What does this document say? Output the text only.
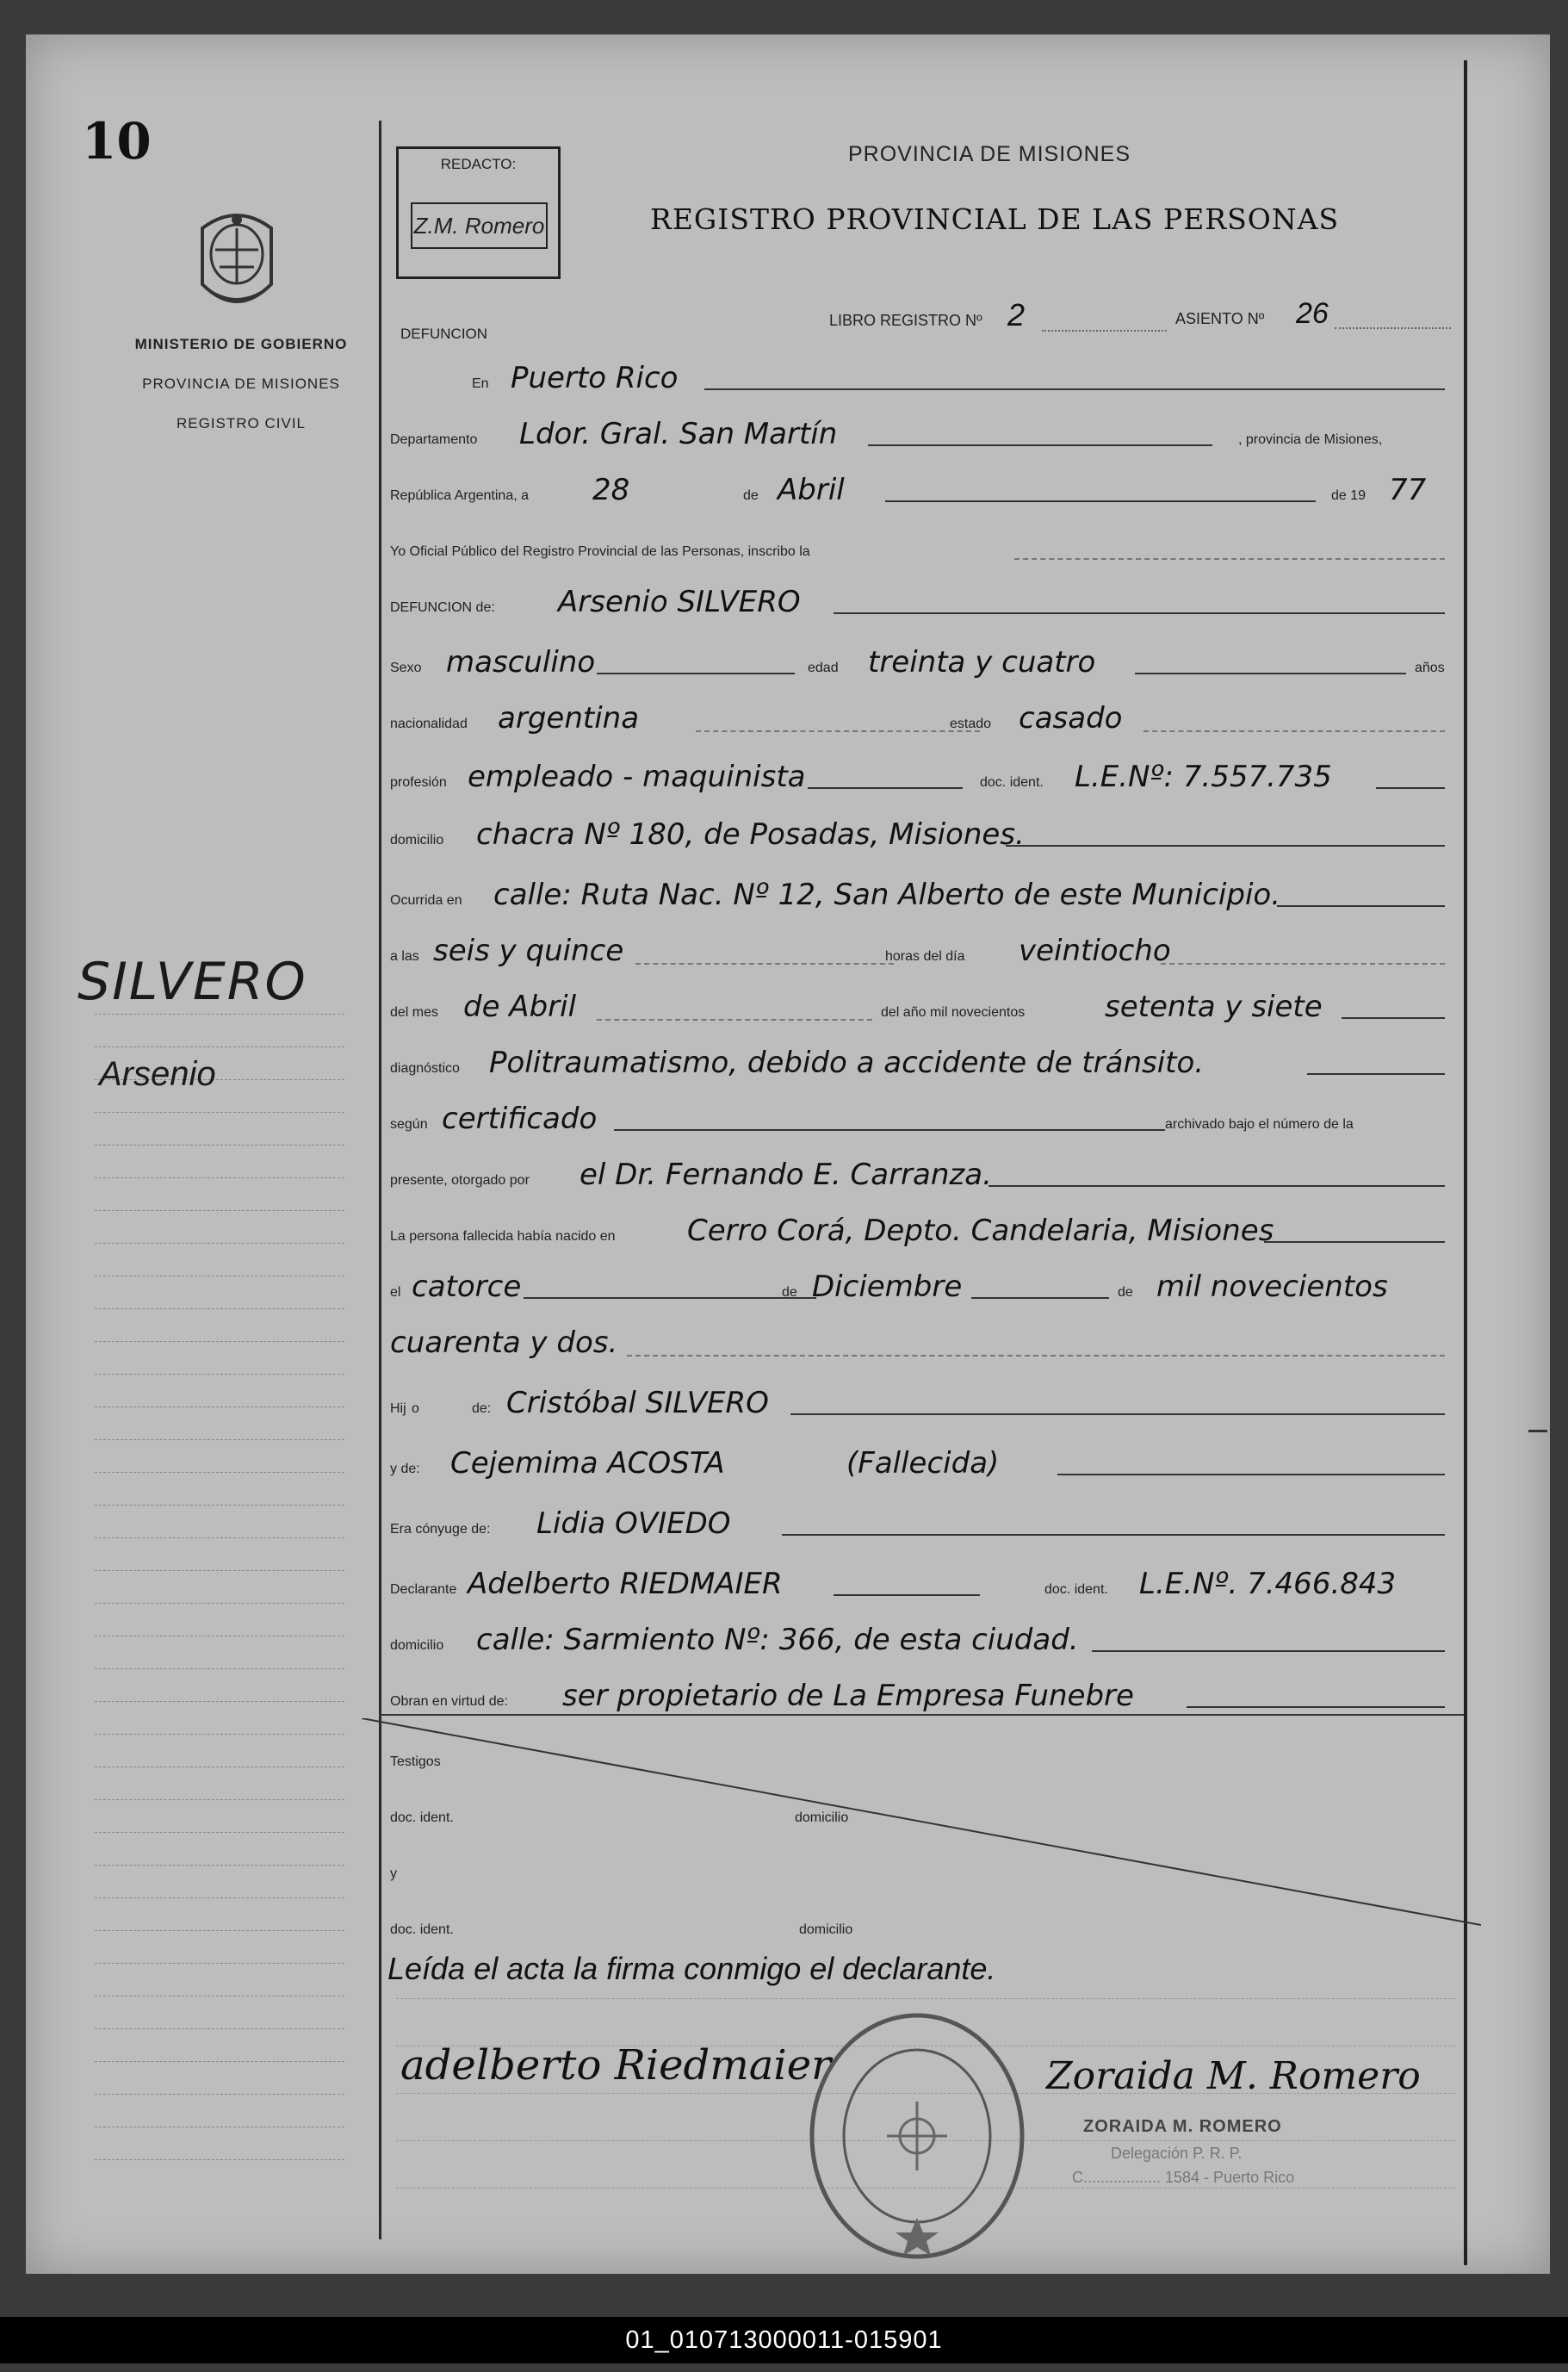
10
MINISTERIO DE GOBIERNO
PROVINCIA DE MISIONES
REGISTRO CIVIL
SILVERO
Arsenio
REDACTO:
Z.M. Romero
PROVINCIA DE MISIONES
REGISTRO PROVINCIAL DE LAS PERSONAS
DEFUNCION
LIBRO REGISTRO Nº 2	ASIENTO Nº 26
En Puerto Rico
Departamento Ldor. Gral. San Martín	, provincia de Misiones,
República Argentina, a 28	de Abril	de 19 77
Yo Oficial Público del Registro Provincial de las Personas, inscribo la
DEFUNCION de: Arsenio SILVERO
Sexo masculino	edad treinta y cuatro	años
nacionalidad argentina	estado casado
profesión empleado - maquinista	doc. ident. L.E.Nº: 7.557.735
domicilio chacra Nº 180, de Posadas, Misiones.
Ocurrida en calle: Ruta Nac. Nº 12, San Alberto de este Municipio.
a las seis y quince	horas del día veintiocho
del mes de Abril	del año mil novecientos	setenta y siete
diagnóstico Politraumatismo, debido a accidente de tránsito.
según certificado	archivado bajo el número de la
presente, otorgado por el Dr. Fernando E. Carranza.
La persona fallecida había nacido en Cerro Corá, Depto. Candelaria, Misiones
el catorce	de Diciembre	de mil novecientos
cuarenta y dos.
Hij o	de: Cristóbal SILVERO
y de: Cejemima ACOSTA	(Fallecida)
Era cónyuge de: Lidia OVIEDO
Declarante Adelberto RIEDMAIER	doc. ident. L.E.Nº. 7.466.843
domicilio calle: Sarmiento Nº: 366, de esta ciudad.
Obran en virtud de: ser propietario de La Empresa Funebre
Testigos
doc. ident.	domicilio
y
doc. ident.	domicilio
Leída el acta la firma conmigo el declarante.
adelberto Riedmaier	Zoraida M. Romero
ZORAIDA M. ROMERO
Delegación P. R. P.
C.................. 1584 - Puerto Rico
01_010713000011-015901
